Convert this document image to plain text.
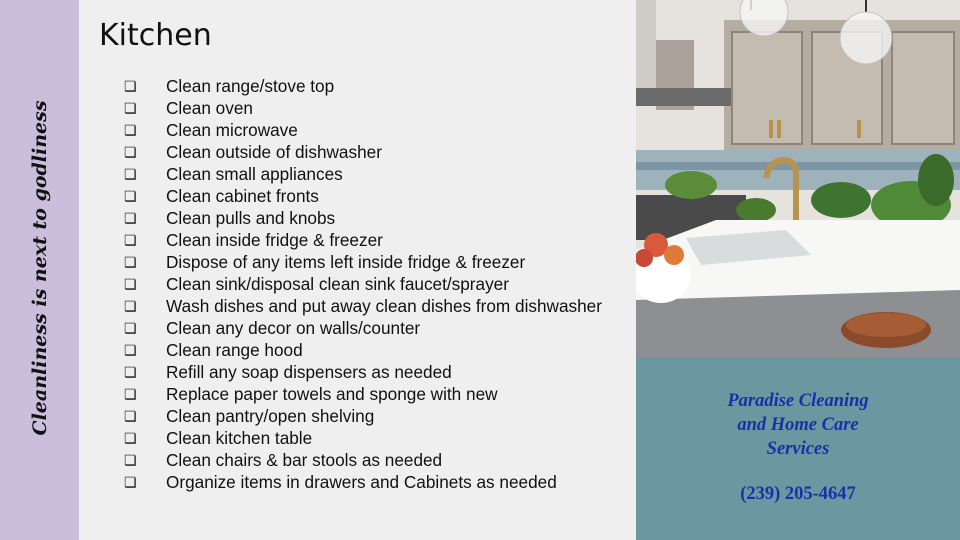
Cleanliness is next to godliness
Kitchen
❏	Clean range/stove top
❏	Clean oven
❏	Clean microwave
❏	Clean outside of dishwasher
❏	Clean small appliances
❏	Clean cabinet fronts
❏	Clean pulls and knobs
❏	Clean inside fridge & freezer
❏	Dispose of any items left inside fridge & freezer
❏	Clean sink/disposal clean sink faucet/sprayer
❏	Wash dishes and put away clean dishes from dishwasher
❏	Clean any decor on walls/counter
❏	Clean range hood
❏	Refill any soap dispensers as needed
❏	Replace paper towels and sponge with new
❏	Clean pantry/open shelving
❏	Clean kitchen table
❏	Clean chairs & bar stools as needed
❏	Organize items in drawers and Cabinets as needed
Paradise Cleaning
and Home Care
Services
(239) 205-4647
